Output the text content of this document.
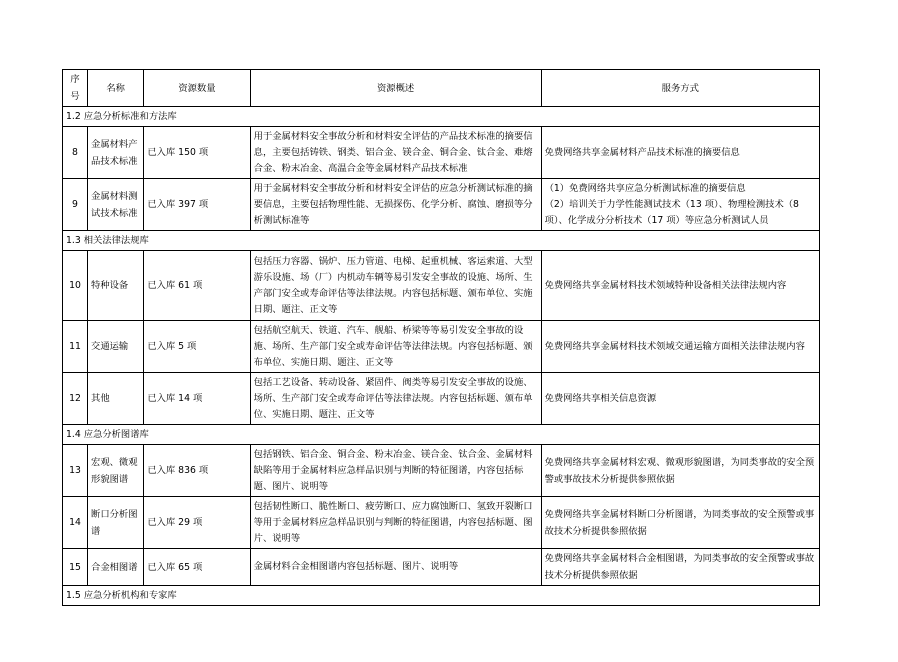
序号	名称	资源数量	资源概述	服务方式
1.2 应急分析标准和方法库				
8	金属材料产品技术标准	已入库 150 项	用于金属材料安全事故分析和材料安全评估的产品技术标准的摘要信息，主要包括铸铁、钢类、铝合金、镁合金、铜合金、钛合金、难熔合金、粉末冶金、高温合金等金属材料产品技术标准	免费网络共享金属材料产品技术标准的摘要信息
9	金属材料测试技术标准	已入库 397 项	用于金属材料安全事故分析和材料安全评估的应急分析测试标准的摘要信息，主要包括物理性能、无损探伤、化学分析、腐蚀、磨损等分析测试标准等	（1）免费网络共享应急分析测试标准的摘要信息
（2）培训关于力学性能测试技术（13 项）、物理检测技术（8 项）、化学成分分析技术（17 项）等应急分析测试人员

1.3 相关法律法规库				
10	特种设备	已入库 61 项	包括压力容器、锅炉、压力管道、电梯、起重机械、客运索道、大型游乐设施、场（厂）内机动车辆等易引发安全事故的设施、场所、生产部门安全或寿命评估等法律法规。内容包括标题、颁布单位、实施日期、题注、正文等	免费网络共享金属材料技术领域特种设备相关法律法规内容
11	交通运输	已入库 5 项	包括航空航天、铁道、汽车、舰船、桥梁等等易引发安全事故的设施、场所、生产部门安全或寿命评估等法律法规。内容包括标题、颁布单位、实施日期、题注、正文等	免费网络共享金属材料技术领域交通运输方面相关法律法规内容
12	其他	已入库 14 项	包括工艺设备、转动设备、紧固件、阀类等易引发安全事故的设施、场所、生产部门安全或寿命评估等法律法规。内容包括标题、颁布单位、实施日期、题注、正文等	免费网络共享相关信息资源
1.4 应急分析图谱库				
13	宏观、微观形貌图谱	已入库 836 项	包括钢铁、铝合金、铜合金、粉末冶金、镁合金、钛合金、金属材料缺陷等用于金属材料应急样品识别与判断的特征图谱，内容包括标题、图片、说明等	免费网络共享金属材料宏观、微观形貌图谱，为同类事故的安全预警或事故技术分析提供参照依据
14	断口分析图谱	已入库 29 项	包括韧性断口、脆性断口、疲劳断口、应力腐蚀断口、氢致开裂断口等用于金属材料应急样品识别与判断的特征图谱，内容包括标题、图片、说明等	免费网络共享金属材料断口分析图谱，为同类事故的安全预警或事故技术分析提供参照依据
15	合金相图谱	已入库 65 项	金属材料合金相图谱内容包括标题、图片、说明等	免费网络共享金属材料合金相图谱，为同类事故的安全预警或事故技术分析提供参照依据
1.5 应急分析机构和专家库				
